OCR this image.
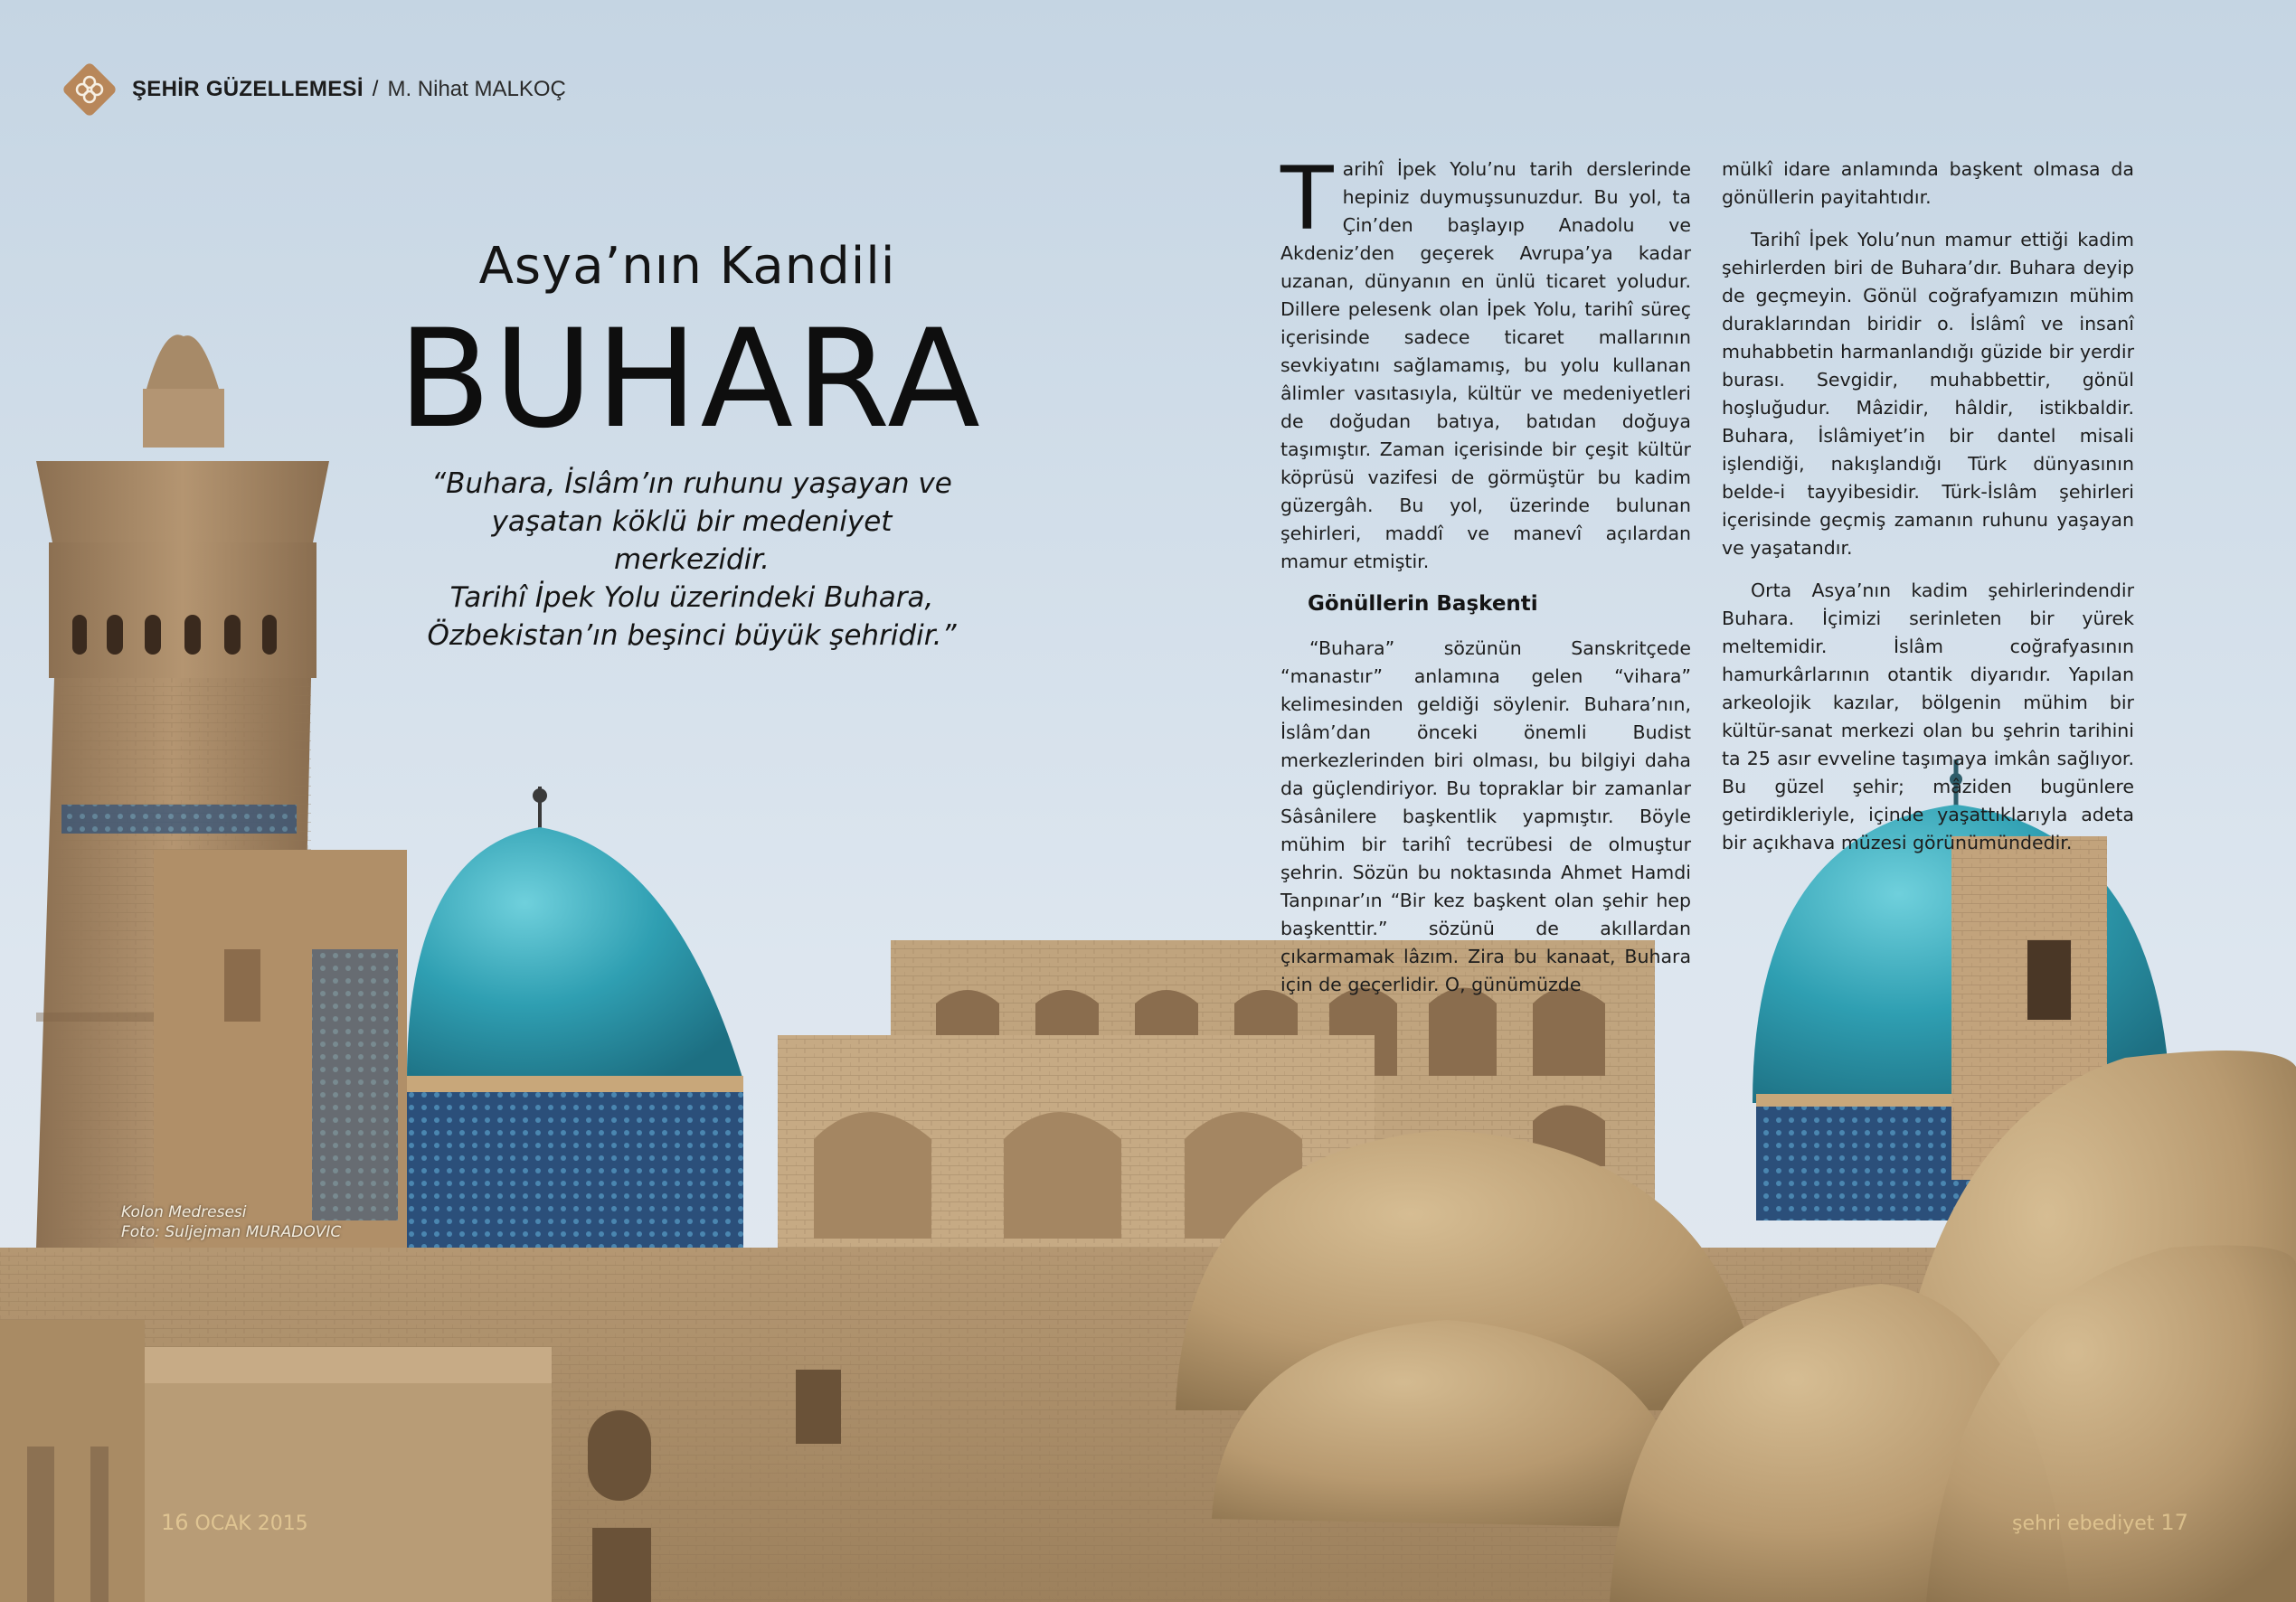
ŞEHİR GÜZELLEMESİ / M. Nihat MALKOÇ
Asya’nın Kandili
BUHARA
“Buhara, İslâm’ın ruhunu yaşayan ve
yaşatan köklü bir medeniyet merkezidir.
Tarihî İpek Yolu üzerindeki Buhara,
Özbekistan’ın beşinci büyük şehridir.”

Tarihî İpek Yolu’nu tarih derslerinde hepiniz duymuşsunuzdur. Bu yol, ta Çin’den başlayıp Anadolu ve Akdeniz’den geçerek Avrupa’ya kadar uzanan, dünyanın en ünlü ticaret yoludur. Dillere pelesenk olan İpek Yolu, tarihî süreç içerisinde sadece ticaret mallarının sevkiyatını sağlamamış, bu yolu kullanan âlimler vasıtasıyla, kültür ve medeniyetleri de doğudan batıya, batıdan doğuya taşımıştır. Zaman içerisinde bir çeşit kültür köprüsü vazifesi de görmüştür bu kadim güzergâh. Bu yol, üzerinde bulunan şehirleri, maddî ve manevî açılardan mamur etmiştir.

Gönüllerin Başkenti

“Buhara” sözünün Sanskritçede “manastır” anlamına gelen “vihara” kelimesinden geldiği söylenir. Buhara’nın, İslâm’dan önceki önemli Budist merkezlerinden biri olması, bu bilgiyi daha da güçlendiriyor. Bu topraklar bir zamanlar Sâsânilere başkentlik yapmıştır. Böyle mühim bir tarihî tecrübesi de olmuştur şehrin. Sözün bu noktasında Ahmet Hamdi Tanpınar’ın “Bir kez başkent olan şehir hep başkenttir.” sözünü de akıllardan çıkarmamak lâzım. Zira bu kanaat, Buhara için de geçerlidir. O, günümüzde

mülkî idare anlamında başkent olmasa da gönüllerin payitahtıdır.

Tarihî İpek Yolu’nun mamur ettiği kadim şehirlerden biri de Buhara’dır. Buhara deyip de geçmeyin. Gönül coğrafyamızın mühim duraklarından biridir o. İslâmî ve insanî muhabbetin harmanlandığı güzide bir yerdir burası. Sevgidir, muhabbettir, gönül hoşluğudur. Mâzidir, hâldir, istikbaldir. Buhara, İslâmiyet’in bir dantel misali işlendiği, nakışlandığı Türk dünyasının belde-i tayyibesidir. Türk-İslâm şehirleri içerisinde geçmiş zamanın ruhunu yaşayan ve yaşatandır.

Orta Asya’nın kadim şehirlerindendir Buhara. İçimizi serinleten bir yürek meltemidir. İslâm coğrafyasının hamurkârlarının otantik diyarıdır. Yapılan arkeolojik kazılar, bölgenin mühim bir kültür-sanat merkezi olan bu şehrin tarihini ta 25 asır evveline taşımaya imkân sağlıyor. Bu güzel şehir; mâziden bugünlere getirdikleriyle, içinde yaşattıklarıyla adeta bir açıkhava müzesi görünümündedir.

Kolon Medresesi
Foto: Suljejman MURADOVIC
16 OCAK 2015	şehri ebediyet 17
